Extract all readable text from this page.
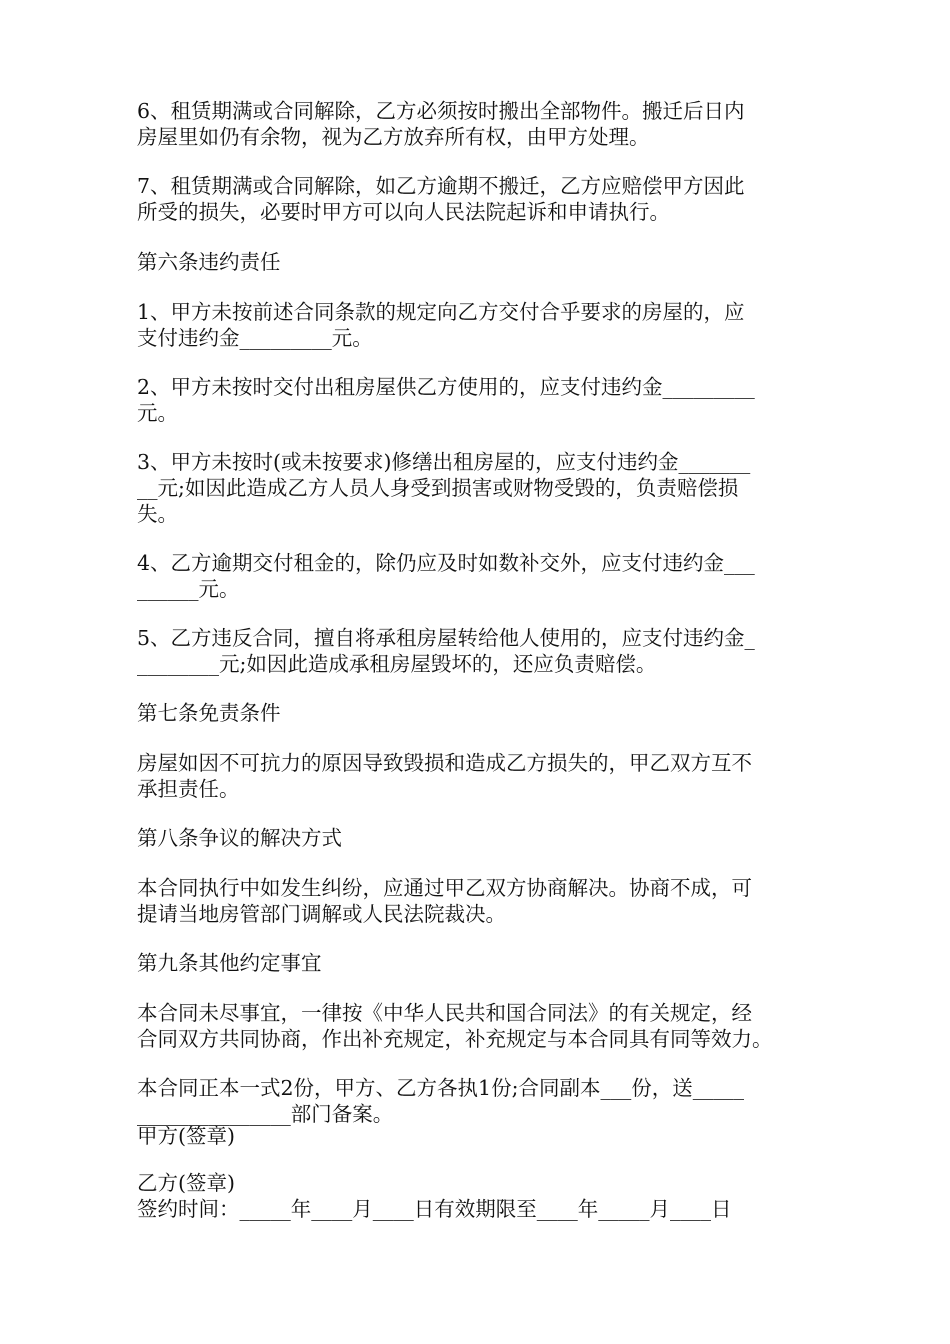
6、租赁期满或合同解除，乙方必须按时搬出全部物件。搬迁后日内
房屋里如仍有余物，视为乙方放弃所有权，由甲方处理。
7、租赁期满或合同解除，如乙方逾期不搬迁，乙方应赔偿甲方因此
所受的损失，必要时甲方可以向人民法院起诉和申请执行。
第六条违约责任
1、甲方未按前述合同条款的规定向乙方交付合乎要求的房屋的，应
支付违约金_________元。
2、甲方未按时交付出租房屋供乙方使用的，应支付违约金_________
元。
3、甲方未按时(或未按要求)修缮出租房屋的，应支付违约金_______
__元;如因此造成乙方人员人身受到损害或财物受毁的，负责赔偿损
失。
4、乙方逾期交付租金的，除仍应及时如数补交外，应支付违约金___
______元。
5、乙方违反合同，擅自将承租房屋转给他人使用的，应支付违约金_
________元;如因此造成承租房屋毁坏的，还应负责赔偿。
第七条免责条件
房屋如因不可抗力的原因导致毁损和造成乙方损失的，甲乙双方互不
承担责任。
第八条争议的解决方式
本合同执行中如发生纠纷，应通过甲乙双方协商解决。协商不成，可
提请当地房管部门调解或人民法院裁决。
第九条其他约定事宜
本合同未尽事宜，一律按《中华人民共和国合同法》的有关规定，经
合同双方共同协商，作出补充规定，补充规定与本合同具有同等效力。
本合同正本一式2份，甲方、乙方各执1份;合同副本___份，送_____
_______________部门备案。
甲方(签章)
乙方(签章)
签约时间：_____年____月____日有效期限至____年_____月____日
